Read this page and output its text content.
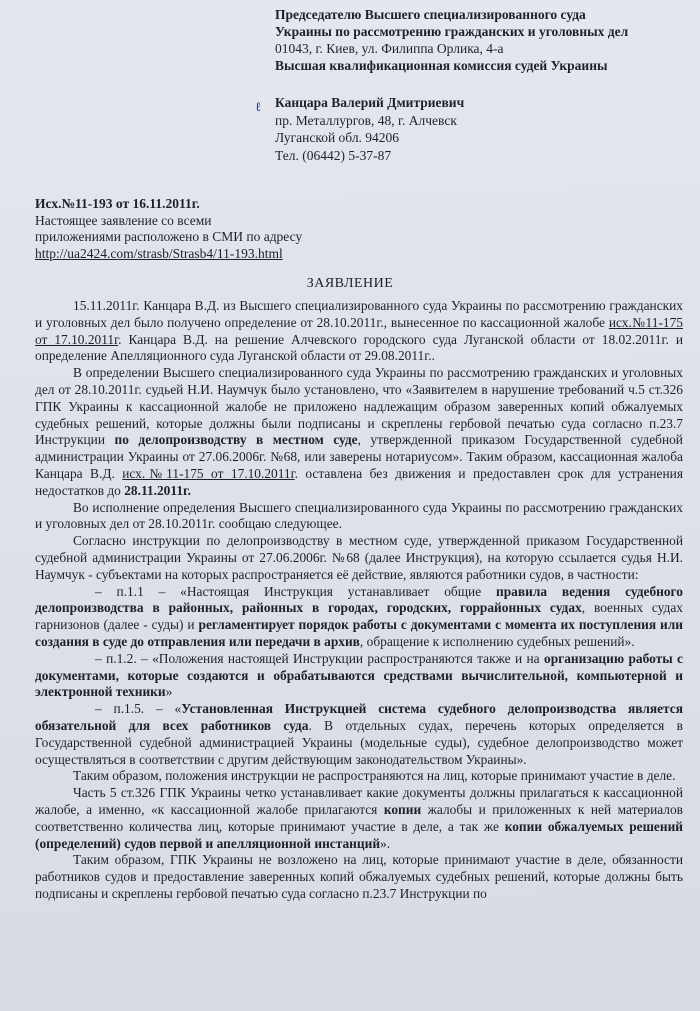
Председателю Высшего специализированного суда
Украины по рассмотрению гражданских и уголовных дел
01043, г. Киев, ул. Филиппа Орлика, 4-а
Высшая квалификационная комиссия судей Украины
ℓ Канцара Валерий Дмитриевич
пр. Металлургов, 48, г. Алчевск
Луганской обл. 94206
Тел. (06442) 5-37-87
Исх.№11-193 от 16.11.2011г.
Настоящее заявление со всеми
приложениями расположено в СМИ по адресу
http://ua2424.com/strasb/Strasb4/11-193.html
ЗАЯВЛЕНИЕ

15.11.2011г. Канцара В.Д. из Высшего специализированного суда Украины по рассмотрению гражданских и уголовных дел было получено определение от 28.10.2011г., вынесенное по кассационной жалобе исх.№11-175 от 17.10.2011г. Канцара В.Д. на решение Алчевского городского суда Луганской области от 18.02.2011г. и определение Апелляционного суда Луганской области от 29.08.2011г..

В определении Высшего специализированного суда Украины по рассмотрению гражданских и уголовных дел от 28.10.2011г. судьей Н.И. Наумчук было установлено, что «Заявителем в нарушение требований ч.5 ст.326 ГПК Украины к кассационной жалобе не приложено надлежащим образом заверенных копий обжалуемых судебных решений, которые должны были подписаны и скреплены гербовой печатью суда согласно п.23.7 Инструкции по делопроизводству в местном суде, утвержденной приказом Государственной судебной администрации Украины от 27.06.2006г. №68, или заверены нотариусом». Таким образом, кассационная жалоба Канцара В.Д. исх.№11-175 от 17.10.2011г. оставлена без движения и предоставлен срок для устранения недостатков до 28.11.2011г.

Во исполнение определения Высшего специализированного суда Украины по рассмотрению гражданских и уголовных дел от 28.10.2011г. сообщаю следующее.

Согласно инструкции по делопроизводству в местном суде, утвержденной приказом Государственной судебной администрации Украины от 27.06.2006г. №68 (далее Инструкция), на которую ссылается судья Н.И. Наумчук - субъектами на которых распространяется её действие, являются работники судов, в частности:

– п.1.1 – «Настоящая Инструкция устанавливает общие правила ведения судебного делопроизводства в районных, районных в городах, городских, горрайонных судах, военных судах гарнизонов (далее - суды) и регламентирует порядок работы с документами с момента их поступления или создания в суде до отправления или передачи в архив, обращение к исполнению судебных решений».

– п.1.2. – «Положения настоящей Инструкции распространяются также и на организацию работы с документами, которые создаются и обрабатываются средствами вычислительной, компьютерной и электронной техники»

– п.1.5. – «Установленная Инструкцией система судебного делопроизводства является обязательной для всех работников суда. В отдельных судах, перечень которых определяется в Государственной судебной администрацией Украины (модельные суды), судебное делопроизводство может осуществляться в соответствии с другим действующим законодательством Украины».

Таким образом, положения инструкции не распространяются на лиц, которые принимают участие в деле.

Часть 5 ст.326 ГПК Украины четко устанавливает какие документы должны прилагаться к кассационной жалобе, а именно, «к кассационной жалобе прилагаются копии жалобы и приложенных к ней материалов соответственно количества лиц, которые принимают участие в деле, а так же копии обжалуемых решений (определений) судов первой и апелляционной инстанций».

Таким образом, ГПК Украины не возложено на лиц, которые принимают участие в деле, обязанности работников судов и предоставление заверенных копий обжалуемых судебных решений, которые должны быть подписаны и скреплены гербовой печатью суда согласно п.23.7 Инструкции по
